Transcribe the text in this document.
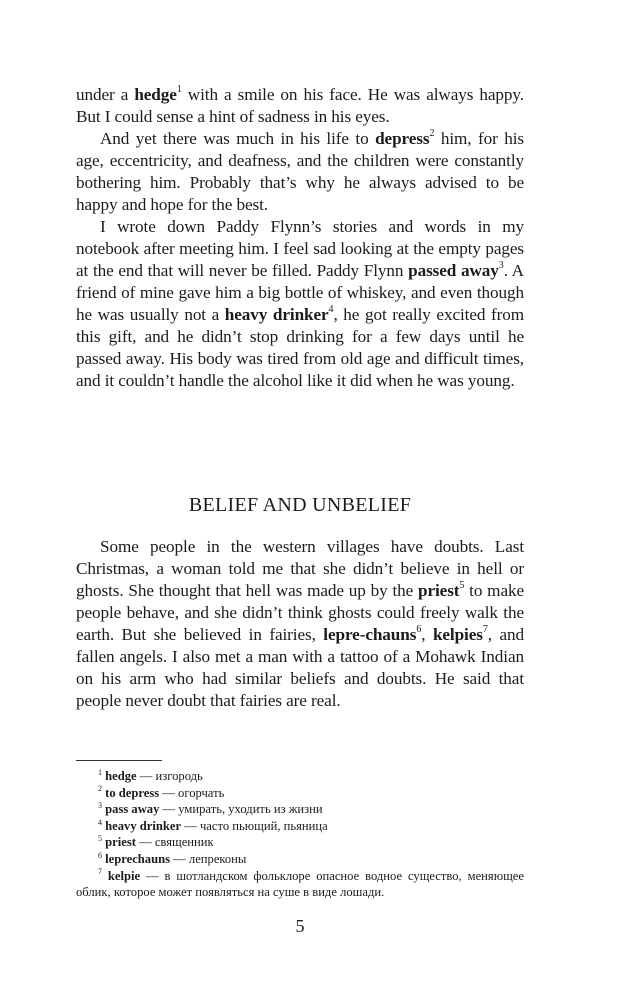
under a hedge$^1$ with a smile on his face. He was always happy. But I could sense a hint of sadness in his eyes.

And yet there was much in his life to depress$^2$ him, for his age, eccentricity, and deafness, and the children were constantly bothering him. Probably that’s why he always advised to be happy and hope for the best.

I wrote down Paddy Flynn’s stories and words in my notebook after meeting him. I feel sad looking at the empty pages at the end that will never be filled. Paddy Flynn passed away$^3$. A friend of mine gave him a big bottle of whiskey, and even though he was usually not a heavy drinker$^4$, he got really excited from this gift, and he didn’t stop drinking for a few days until he passed away. His body was tired from old age and difficult times, and it couldn’t handle the alcohol like it did when he was young.

BELIEF AND UNBELIEF

Some people in the western villages have doubts. Last Christmas, a woman told me that she didn’t believe in hell or ghosts. She thought that hell was made up by the priest$^5$ to make people behave, and she didn’t think ghosts could freely walk the earth. But she believed in fairies, lepre-chauns$^6$, kelpies$^7$, and fallen angels. I also met a man with a tattoo of a Mohawk Indian on his arm who had similar beliefs and doubts. He said that people never doubt that fairies are real.

$^1$ hedge — изгородь

$^2$ to depress — огорчать

$^3$ pass away — умирать, уходить из жизни

$^4$ heavy drinker — часто пьющий, пьяница

$^5$ priest — священник

$^6$ leprechauns — лепреконы

$^7$ kelpie — в шотландском фольклоре опасное водное существо, меняющее облик, которое может появляться на суше в виде лошади.

5
